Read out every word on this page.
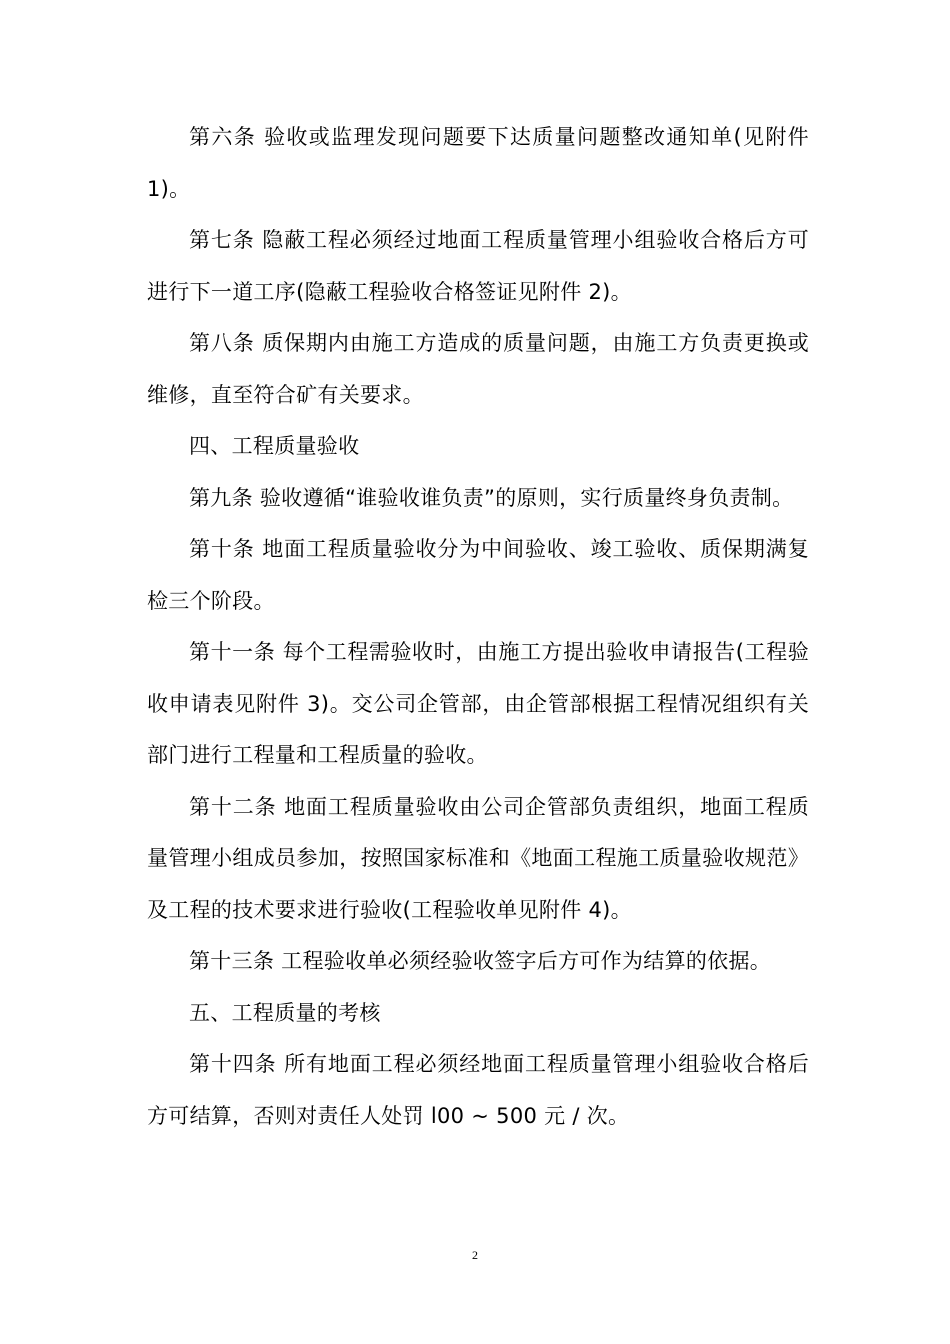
第六条 验收或监理发现问题要下达质量问题整改通知单(见附件 1)。

第七条 隐蔽工程必须经过地面工程质量管理小组验收合格后方可进行下一道工序(隐蔽工程验收合格签证见附件 2)。

第八条 质保期内由施工方造成的质量问题，由施工方负责更换或维修，直至符合矿有关要求。

四、工程质量验收

第九条 验收遵循“谁验收谁负责”的原则，实行质量终身负责制。

第十条 地面工程质量验收分为中间验收、竣工验收、质保期满复检三个阶段。

第十一条 每个工程需验收时，由施工方提出验收申请报告(工程验收申请表见附件 3)。交公司企管部，由企管部根据工程情况组织有关部门进行工程量和工程质量的验收。

第十二条 地面工程质量验收由公司企管部负责组织，地面工程质量管理小组成员参加，按照国家标准和《地面工程施工质量验收规范》及工程的技术要求进行验收(工程验收单见附件 4)。

第十三条 工程验收单必须经验收签字后方可作为结算的依据。

五、工程质量的考核

第十四条 所有地面工程必须经地面工程质量管理小组验收合格后方可结算，否则对责任人处罚 l00 ~ 500 元 / 次。

2
